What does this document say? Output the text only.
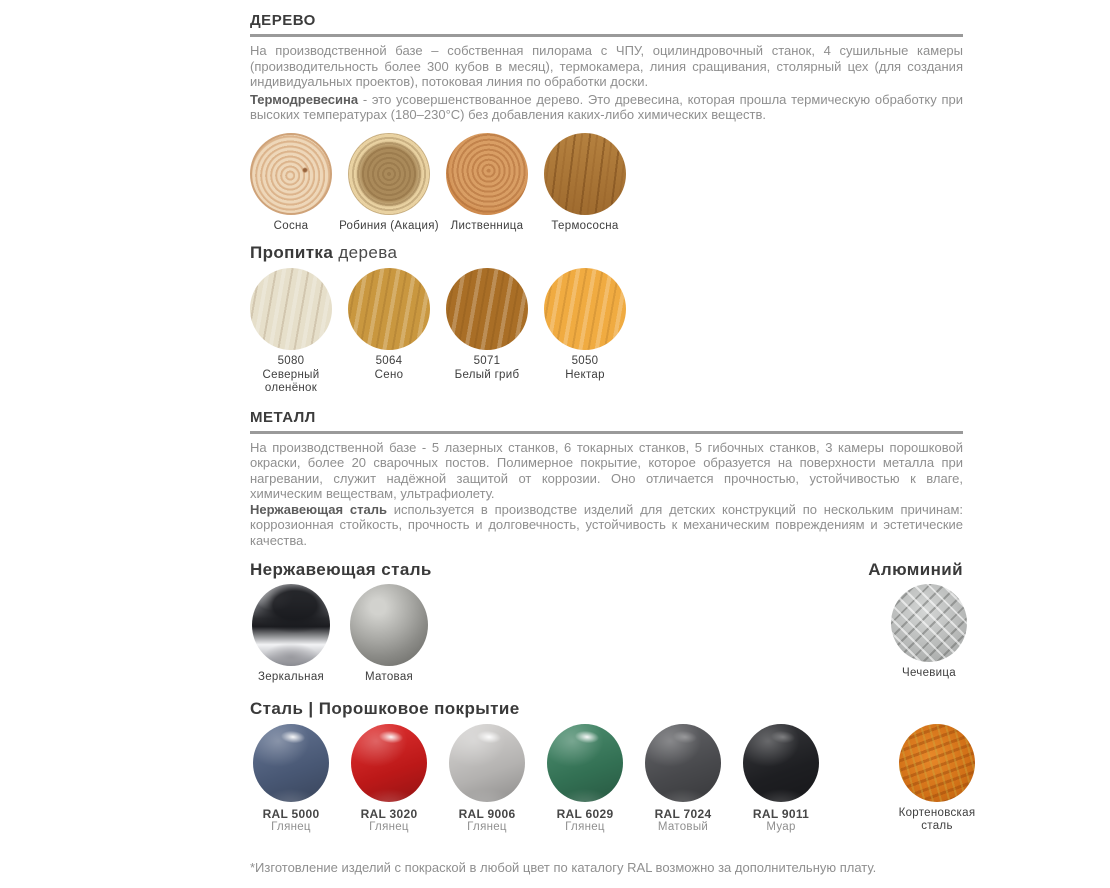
ДЕРЕВО

На производственной базе – собственная пилорама с ЧПУ, оцилиндровочный станок, 4 сушильные камеры (производительность более 300 кубов в месяц), термокамера, линия сращивания, столярный цех (для создания индивидуальных проектов), потоковая линия по обработки доски.

Термодревесина - это усовершенствованное дерево. Это древесина, которая прошла термическую обработку при высоких температурах (180–230°С) без добавления каких-либо химических веществ.

Сосна	Робиния (Акация) Лиственница Термососна
Пропитка дерева
5080
Северный оленёнок
5064
Сено
5071
Белый гриб
5050
Нектар
МЕТАЛЛ

На производственной базе - 5 лазерных станков, 6 токарных станков, 5 гибочных станков, 3 камеры порошковой окраски, более 20 сварочных постов. Полимерное покрытие, которое образуется на поверхности металла при нагревании, служит надёжной защитой от коррозии. Оно отличается прочностью, устойчивостью к влаге, химическим веществам, ультрафиолету.

Нержавеющая сталь используется в производстве изделий для детских конструкций по нескольким причинам: коррозионная стойкость, прочность и долговечность, устойчивость к механическим повреждениям и эстетические качества.

Нержавеющая сталь	Алюминий
Зеркальная	Матовая	Чечевица
Сталь | Порошковое покрытие
RAL 5000
Глянец
RAL 3020
Глянец
RAL 9006
Глянец
RAL 6029
Глянец
RAL 7024
Матовый
RAL 9011
Муар
Кортеновская сталь

*Изготовление изделий с покраской в любой цвет по каталогу RAL возможно за дополнительную плату.
